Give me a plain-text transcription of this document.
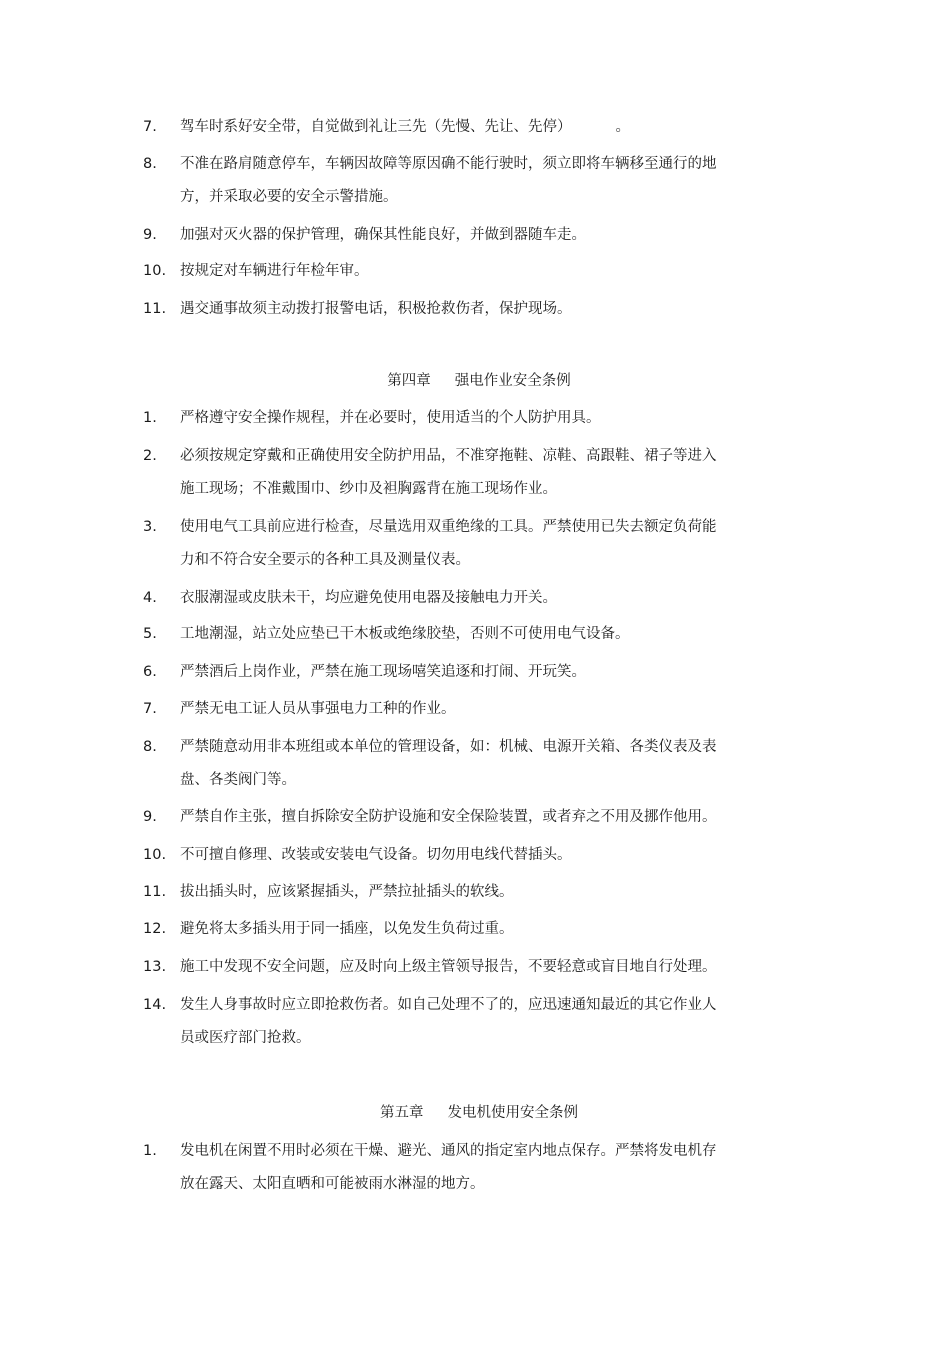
7.	驾车时系好安全带，自觉做到礼让三先（先慢、先让、先停）	。
8.	不准在路肩随意停车，车辆因故障等原因确不能行驶时，须立即将车辆移至通行的地
方，并采取必要的安全示警措施。
9.	加强对灭火器的保护管理，确保其性能良好，并做到器随车走。
10. 按规定对车辆进行年检年审。
11. 遇交通事故须主动拨打报警电话，积极抢救伤者，保护现场。
第四章 强电作业安全条例
1.	严格遵守安全操作规程，并在必要时，使用适当的个人防护用具。
2.	必须按规定穿戴和正确使用安全防护用品，不准穿拖鞋、凉鞋、高跟鞋、裙子等进入
施工现场；不准戴围巾、纱巾及袒胸露背在施工现场作业。
3.	使用电气工具前应进行检查，尽量选用双重绝缘的工具。严禁使用已失去额定负荷能
力和不符合安全要示的各种工具及测量仪表。
4.	衣服潮湿或皮肤未干，均应避免使用电器及接触电力开关。
5.	工地潮湿，站立处应垫已干木板或绝缘胶垫，否则不可使用电气设备。
6.	严禁酒后上岗作业，严禁在施工现场嘻笑追逐和打闹、开玩笑。
7.	严禁无电工证人员从事强电力工种的作业。
8.	严禁随意动用非本班组或本单位的管理设备，如：机械、电源开关箱、各类仪表及表
盘、各类阀门等。
9.	严禁自作主张，擅自拆除安全防护设施和安全保险装置，或者弃之不用及挪作他用。
10. 不可擅自修理、改装或安装电气设备。切勿用电线代替插头。
11. 拔出插头时，应该紧握插头，严禁拉扯插头的软线。
12. 避免将太多插头用于同一插座，以免发生负荷过重。
13. 施工中发现不安全问题，应及时向上级主管领导报告，不要轻意或盲目地自行处理。
14. 发生人身事故时应立即抢救伤者。如自己处理不了的，应迅速通知最近的其它作业人
员或医疗部门抢救。
第五章 发电机使用安全条例
1.	发电机在闲置不用时必须在干燥、避光、通风的指定室内地点保存。严禁将发电机存
放在露天、太阳直晒和可能被雨水淋湿的地方。
